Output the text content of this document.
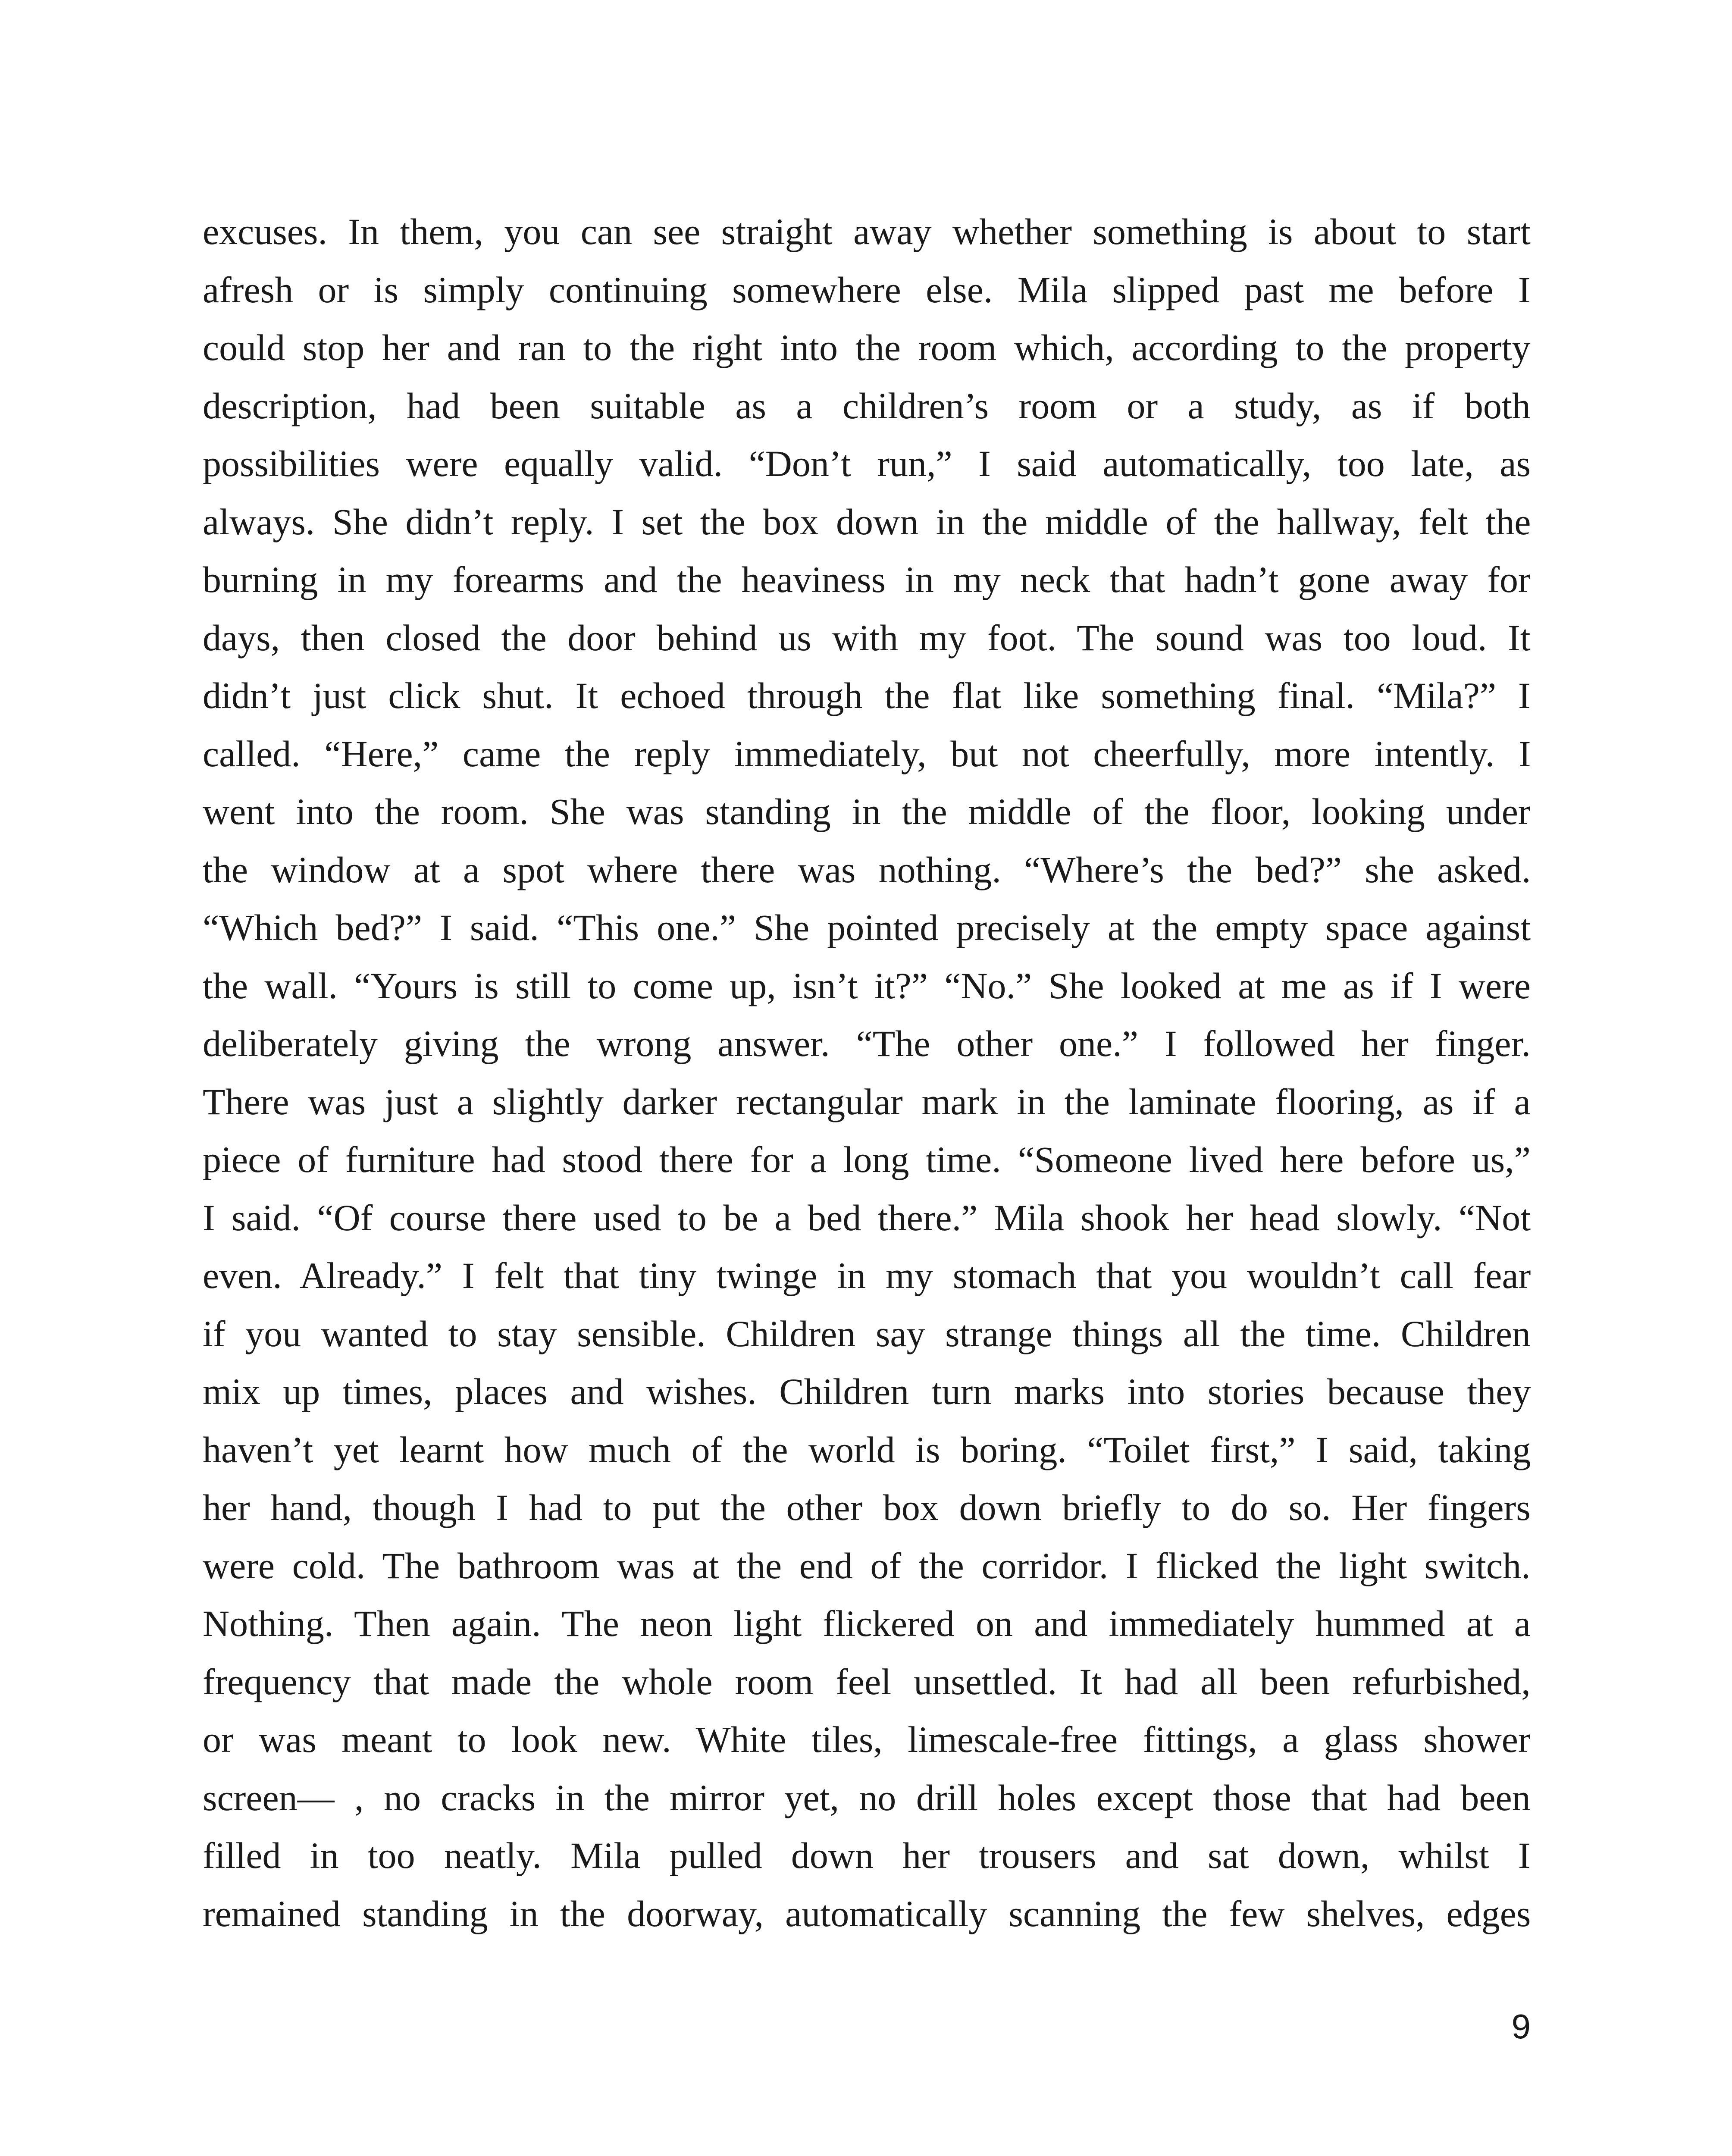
excuses. In them, you can see straight away whether something is about to start
afresh or is simply continuing somewhere else. Mila slipped past me before I
could stop her and ran to the right into the room which, according to the property
description, had been suitable as a children’s room or a study, as if both
possibilities were equally valid. “Don’t run,” I said automatically, too late, as
always. She didn’t reply. I set the box down in the middle of the hallway, felt the
burning in my forearms and the heaviness in my neck that hadn’t gone away for
days, then closed the door behind us with my foot. The sound was too loud. It
didn’t just click shut. It echoed through the flat like something final. “Mila?” I
called. “Here,” came the reply immediately, but not cheerfully, more intently. I
went into the room. She was standing in the middle of the floor, looking under
the window at a spot where there was nothing. “Where’s the bed?” she asked.
“Which bed?” I said. “This one.” She pointed precisely at the empty space against
the wall. “Yours is still to come up, isn’t it?” “No.” She looked at me as if I were
deliberately giving the wrong answer. “The other one.” I followed her finger.
There was just a slightly darker rectangular mark in the laminate flooring, as if a
piece of furniture had stood there for a long time. “Someone lived here before us,”
I said. “Of course there used to be a bed there.” Mila shook her head slowly. “Not
even. Already.” I felt that tiny twinge in my stomach that you wouldn’t call fear
if you wanted to stay sensible. Children say strange things all the time. Children
mix up times, places and wishes. Children turn marks into stories because they
haven’t yet learnt how much of the world is boring. “Toilet first,” I said, taking
her hand, though I had to put the other box down briefly to do so. Her fingers
were cold. The bathroom was at the end of the corridor. I flicked the light switch.
Nothing. Then again. The neon light flickered on and immediately hummed at a
frequency that made the whole room feel unsettled. It had all been refurbished,
or was meant to look new. White tiles, limescale-free fittings, a glass shower
screen— , no cracks in the mirror yet, no drill holes except those that had been
filled in too neatly. Mila pulled down her trousers and sat down, whilst I
remained standing in the doorway, automatically scanning the few shelves, edges
9
